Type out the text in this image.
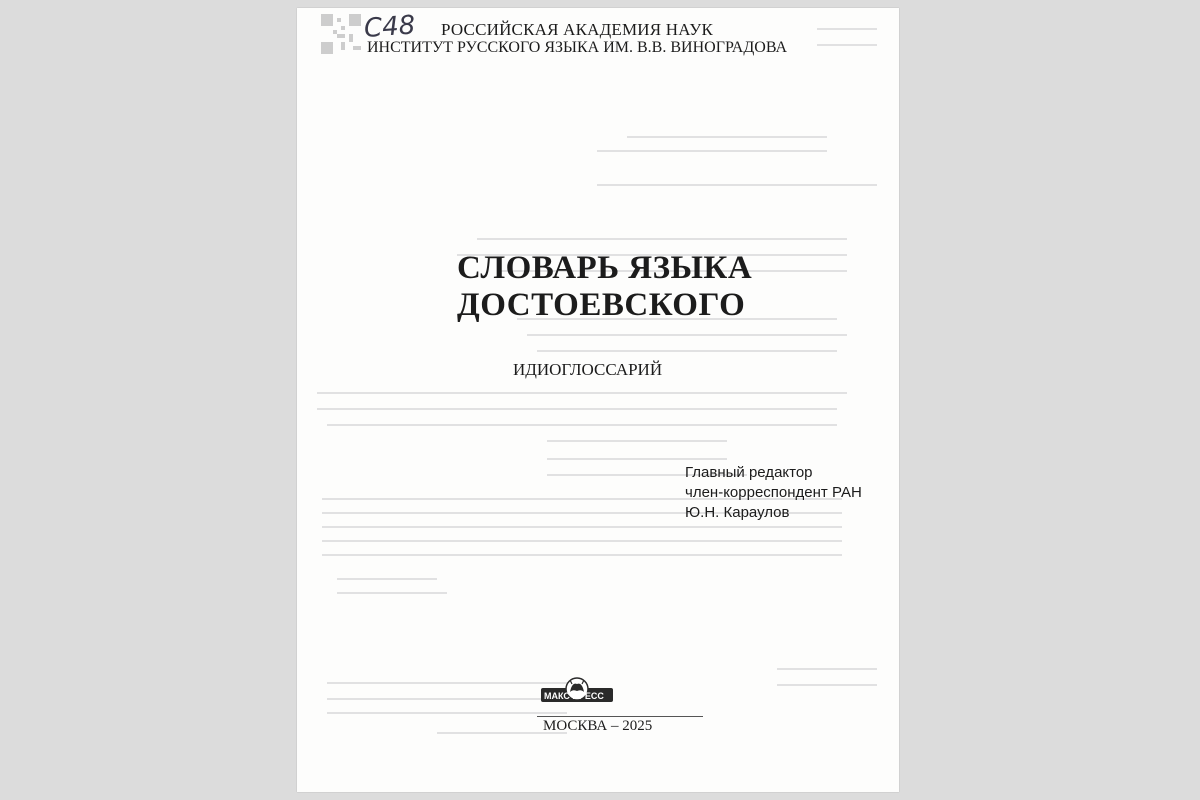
С48	РОССИЙСКАЯ АКАДЕМИЯ НАУК
ИНСТИТУТ РУССКОГО ЯЗЫКА ИМ. В.В. ВИНОГРАДОВА
СЛОВАРЬ ЯЗЫКА
ДОСТОЕВСКОГО
ИДИОГЛОССАРИЙ
Главный редактор
член-корреспондент РАН
Ю.Н. Караулов
МАКС ПРЕСС
МОСКВА – 2025
